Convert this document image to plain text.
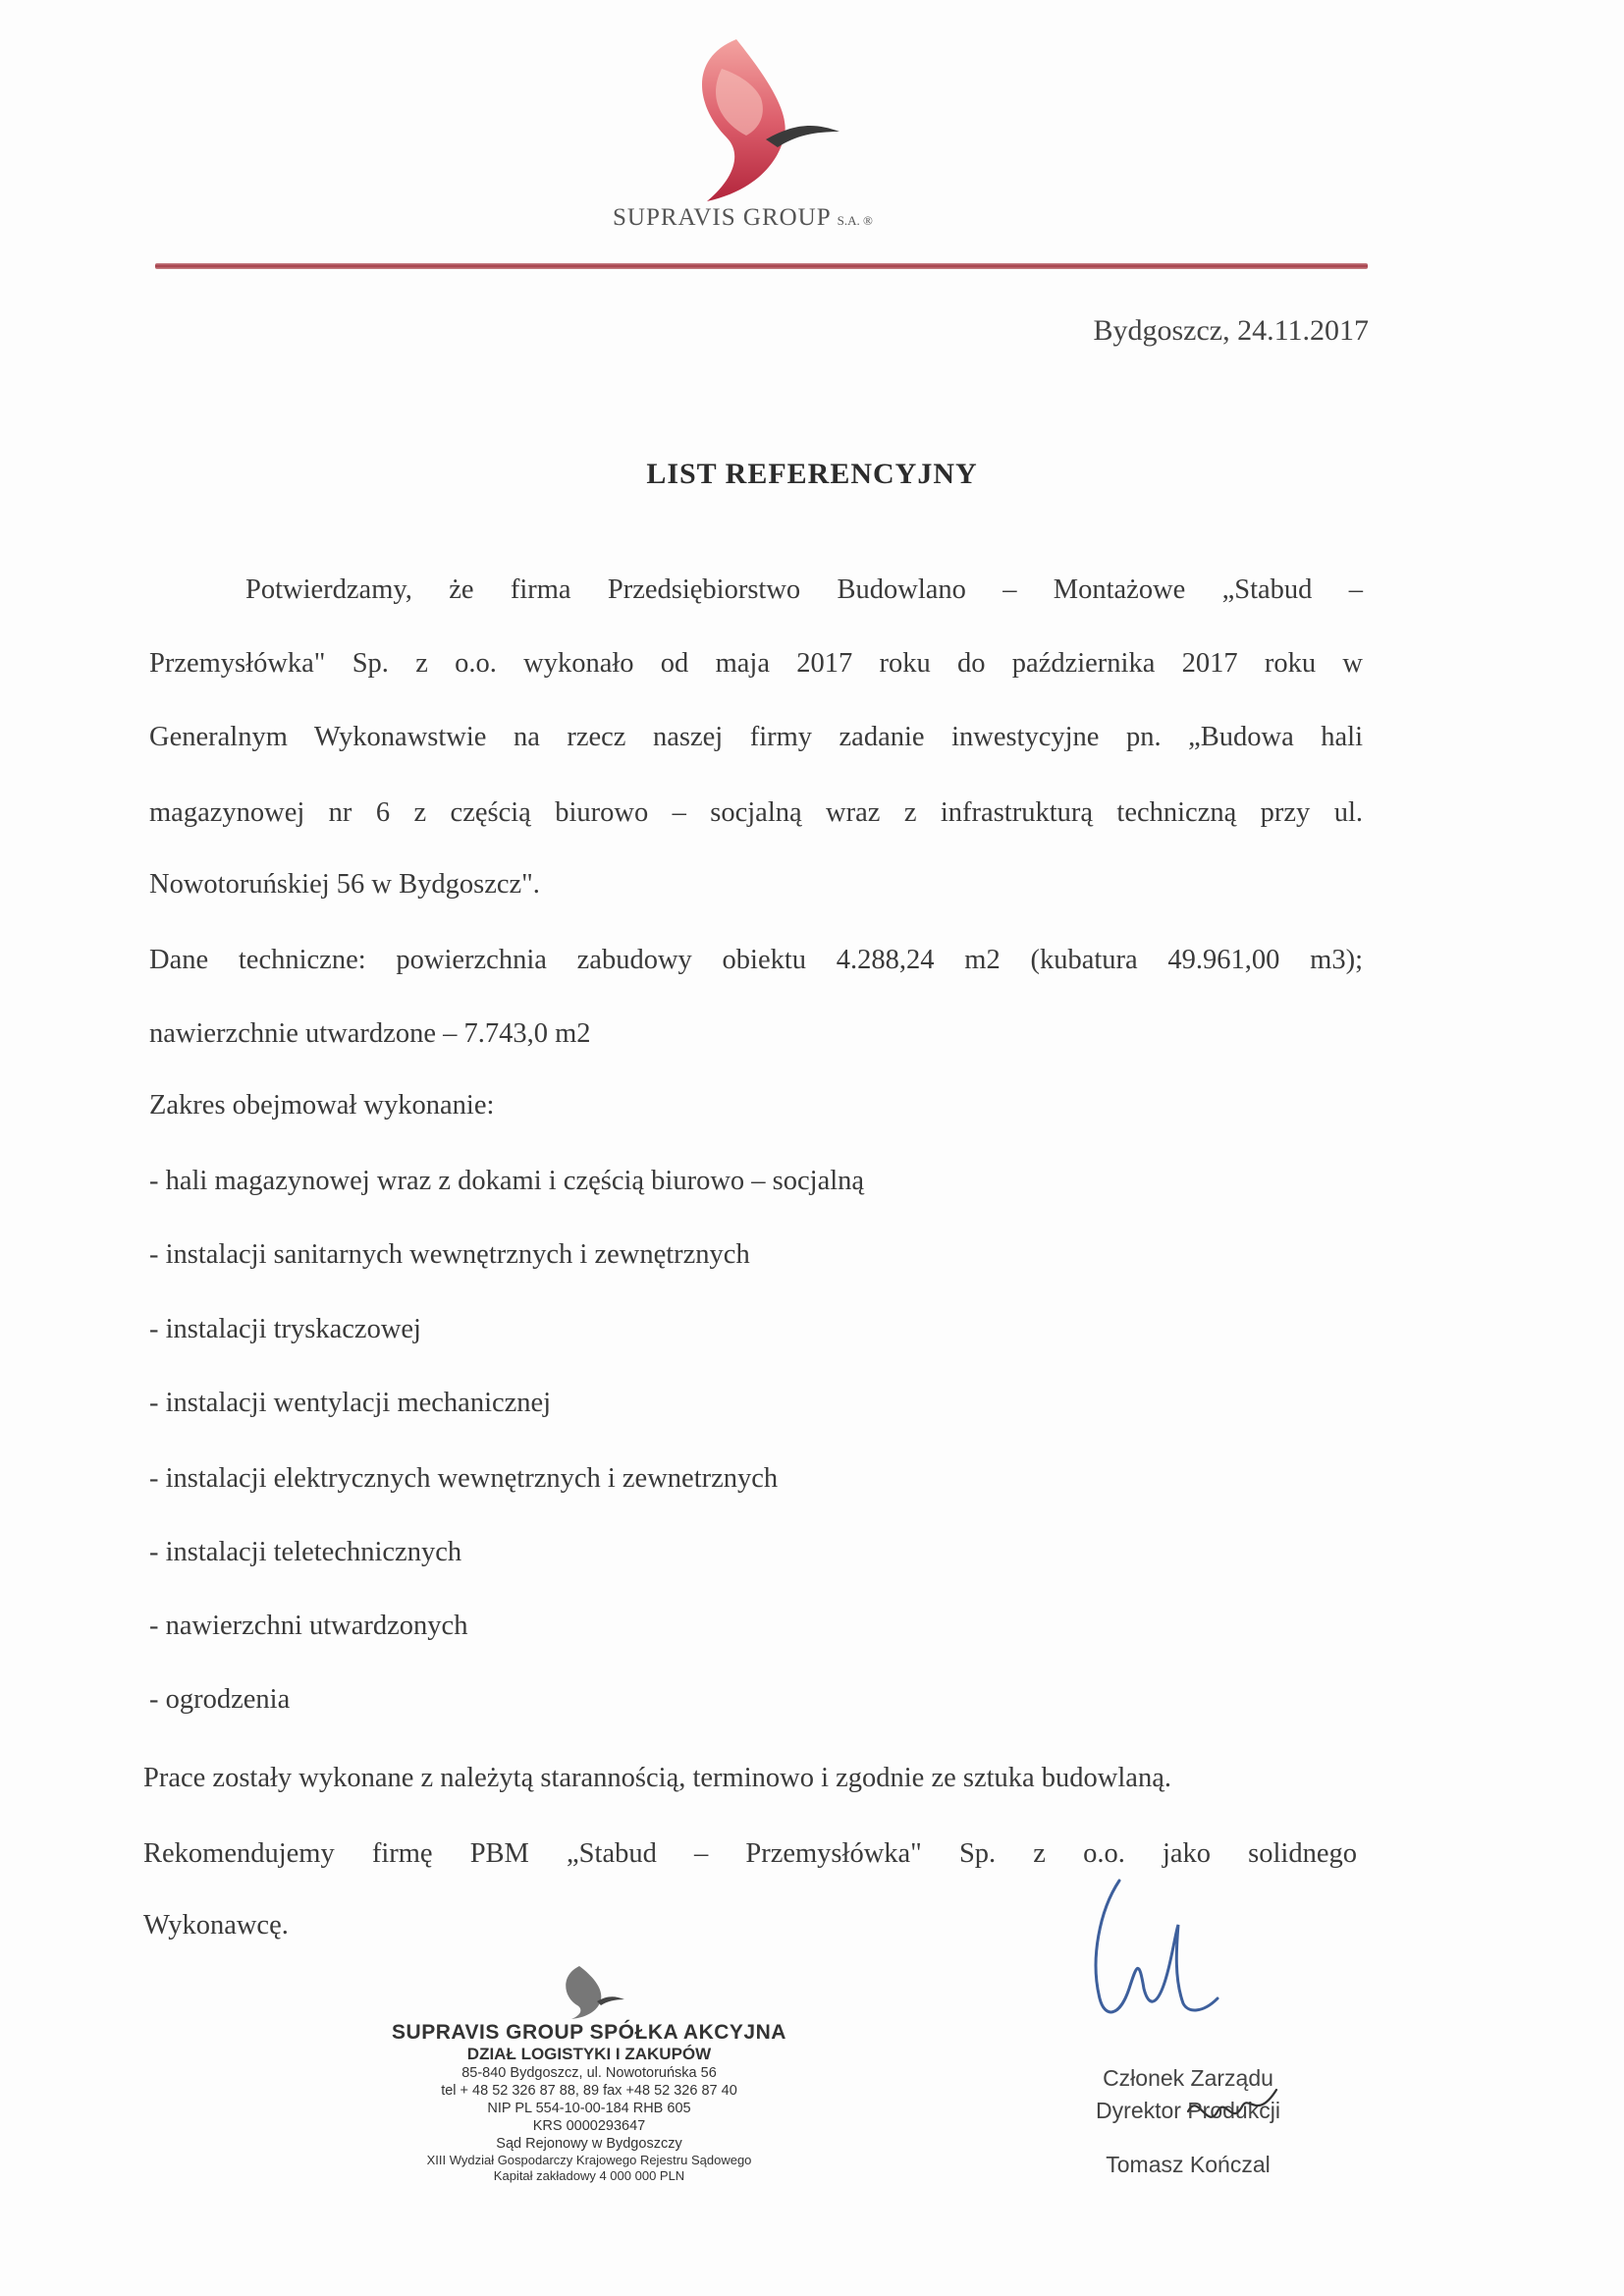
SUPRAVIS GROUP S.A. ®
Bydgoszcz, 24.11.2017
LIST REFERENCYJNY
Potwierdzamy, że firma Przedsiębiorstwo Budowlano – Montażowe „Stabud –
Przemysłówka" Sp. z o.o. wykonało od maja 2017 roku do października 2017 roku w
Generalnym Wykonawstwie na rzecz naszej firmy zadanie inwestycyjne pn. „Budowa hali
magazynowej nr 6 z częścią biurowo – socjalną wraz z infrastrukturą techniczną przy ul.
Nowotoruńskiej 56 w Bydgoszcz".
Dane techniczne: powierzchnia zabudowy obiektu 4.288,24 m2 (kubatura 49.961,00 m3);
nawierzchnie utwardzone – 7.743,0 m2
Zakres obejmował wykonanie:
- hali magazynowej wraz z dokami i częścią biurowo – socjalną
- instalacji sanitarnych wewnętrznych i zewnętrznych
- instalacji tryskaczowej
- instalacji wentylacji mechanicznej
- instalacji elektrycznych wewnętrznych i zewnetrznych
- instalacji teletechnicznych
- nawierzchni utwardzonych
- ogrodzenia
Prace zostały wykonane z należytą starannością, terminowo i zgodnie ze sztuka budowlaną.
Rekomendujemy firmę PBM „Stabud – Przemysłówka" Sp. z o.o. jako solidnego
Wykonawcę.
SUPRAVIS GROUP SPÓŁKA AKCYJNA
DZIAŁ LOGISTYKI I ZAKUPÓW
85-840 Bydgoszcz, ul. Nowotoruńska 56
tel + 48 52 326 87 88, 89 fax +48 52 326 87 40
NIP PL 554-10-00-184 RHB 605
KRS 0000293647
Sąd Rejonowy w Bydgoszczy
XIII Wydział Gospodarczy Krajowego Rejestru Sądowego
Kapitał zakładowy 4 000 000 PLN
Członek Zarządu
Dyrektor Produkcji
Tomasz Kończal
